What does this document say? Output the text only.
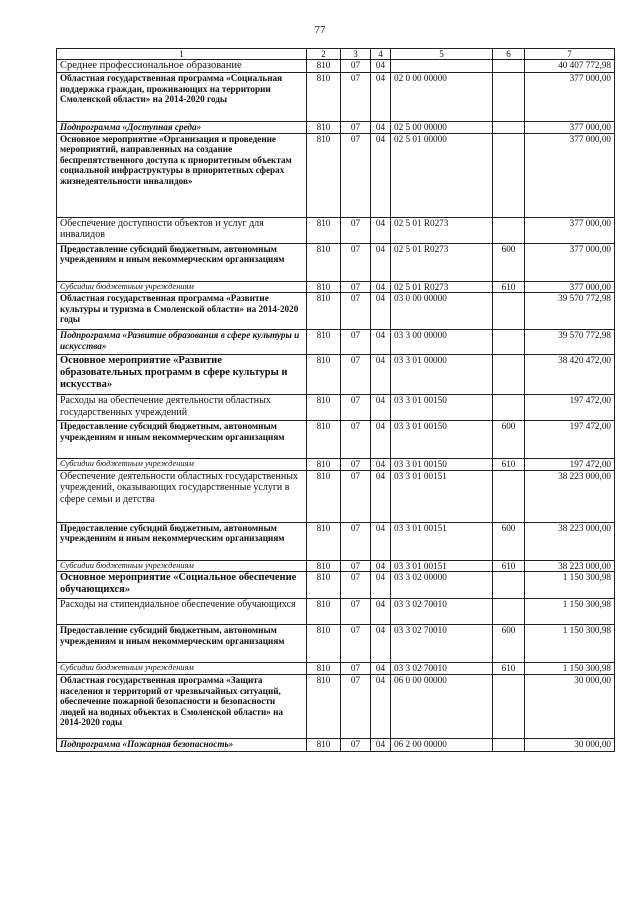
77
1	2	3	4	5	6	7
Среднее профессиональное образование	810	07	04			40 407 772,98
Областная государственная программа «Социальная поддержка граждан, проживающих на территории Смоленской области» на 2014-2020 годы	810	07	04	02 0 00 00000		377 000,00
Подпрограмма «Доступная среда»	810	07	04	02 5 00 00000		377 000,00
Основное мероприятие «Организация и проведение мероприятий, направленных на создание беспрепятственного доступа к приоритетным объектам социальной инфраструктуры в приоритетных сферах жизнедеятельности инвалидов»	810	07	04	02 5 01 00000		377 000,00
Обеспечение доступности объектов и услуг для инвалидов	810	07	04	02 5 01 R0273		377 000,00
Предоставление субсидий бюджетным, автономным учреждениям и иным некоммерческим организациям	810	07	04	02 5 01 R0273	600	377 000,00
Субсидии бюджетным учреждениям	810	07	04	02 5 01 R0273	610	377 000,00
Областная государственная программа «Развитие культуры и туризма в Смоленской области» на 2014-2020 годы	810	07	04	03 0 00 00000		39 570 772,98
Подпрограмма «Развитие образования в сфере культуры и искусства»	810	07	04	03 3 00 00000		39 570 772,98
Основное мероприятие «Развитие образовательных программ в сфере культуры и искусства»	810	07	04	03 3 01 00000		38 420 472,00
Расходы на обеспечение деятельности областных государственных учреждений	810	07	04	03 3 01 00150		197 472,00
Предоставление субсидий бюджетным, автономным учреждениям и иным некоммерческим организациям	810	07	04	03 3 01 00150	600	197 472,00
Субсидии бюджетным учреждениям	810	07	04	03 3 01 00150	610	197 472,00
Обеспечение деятельности областных государственных учреждений, оказывающих государственные услуги в сфере семьи и детства	810	07	04	03 3 01 00151		38 223 000,00
Предоставление субсидий бюджетным, автономным учреждениям и иным некоммерческим организациям	810	07	04	03 3 01 00151	600	38 223 000,00
Субсидии бюджетным учреждениям	810	07	04	03 3 01 00151	610	38 223 000,00
Основное мероприятие «Социальное обеспечение обучающихся»	810	07	04	03 3 02 00000		1 150 300,98
Расходы на стипендиальное обеспечение обучающихся	810	07	04	03 3 02 70010		1 150 300,98
Предоставление субсидий бюджетным, автономным учреждениям и иным некоммерческим организациям	810	07	04	03 3 02 70010	600	1 150 300,98
Субсидии бюджетным учреждениям	810	07	04	03 3 02 70010	610	1 150 300,98
Областная государственная программа «Защита населения и территорий от чрезвычайных ситуаций, обеспечение пожарной безопасности и безопасности людей на водных объектах в Смоленской области» на 2014-2020 годы	810	07	04	06 0 00 00000		30 000,00
Подпрограмма «Пожарная безопасность»	810	07	04	06 2 00 00000		30 000,00
